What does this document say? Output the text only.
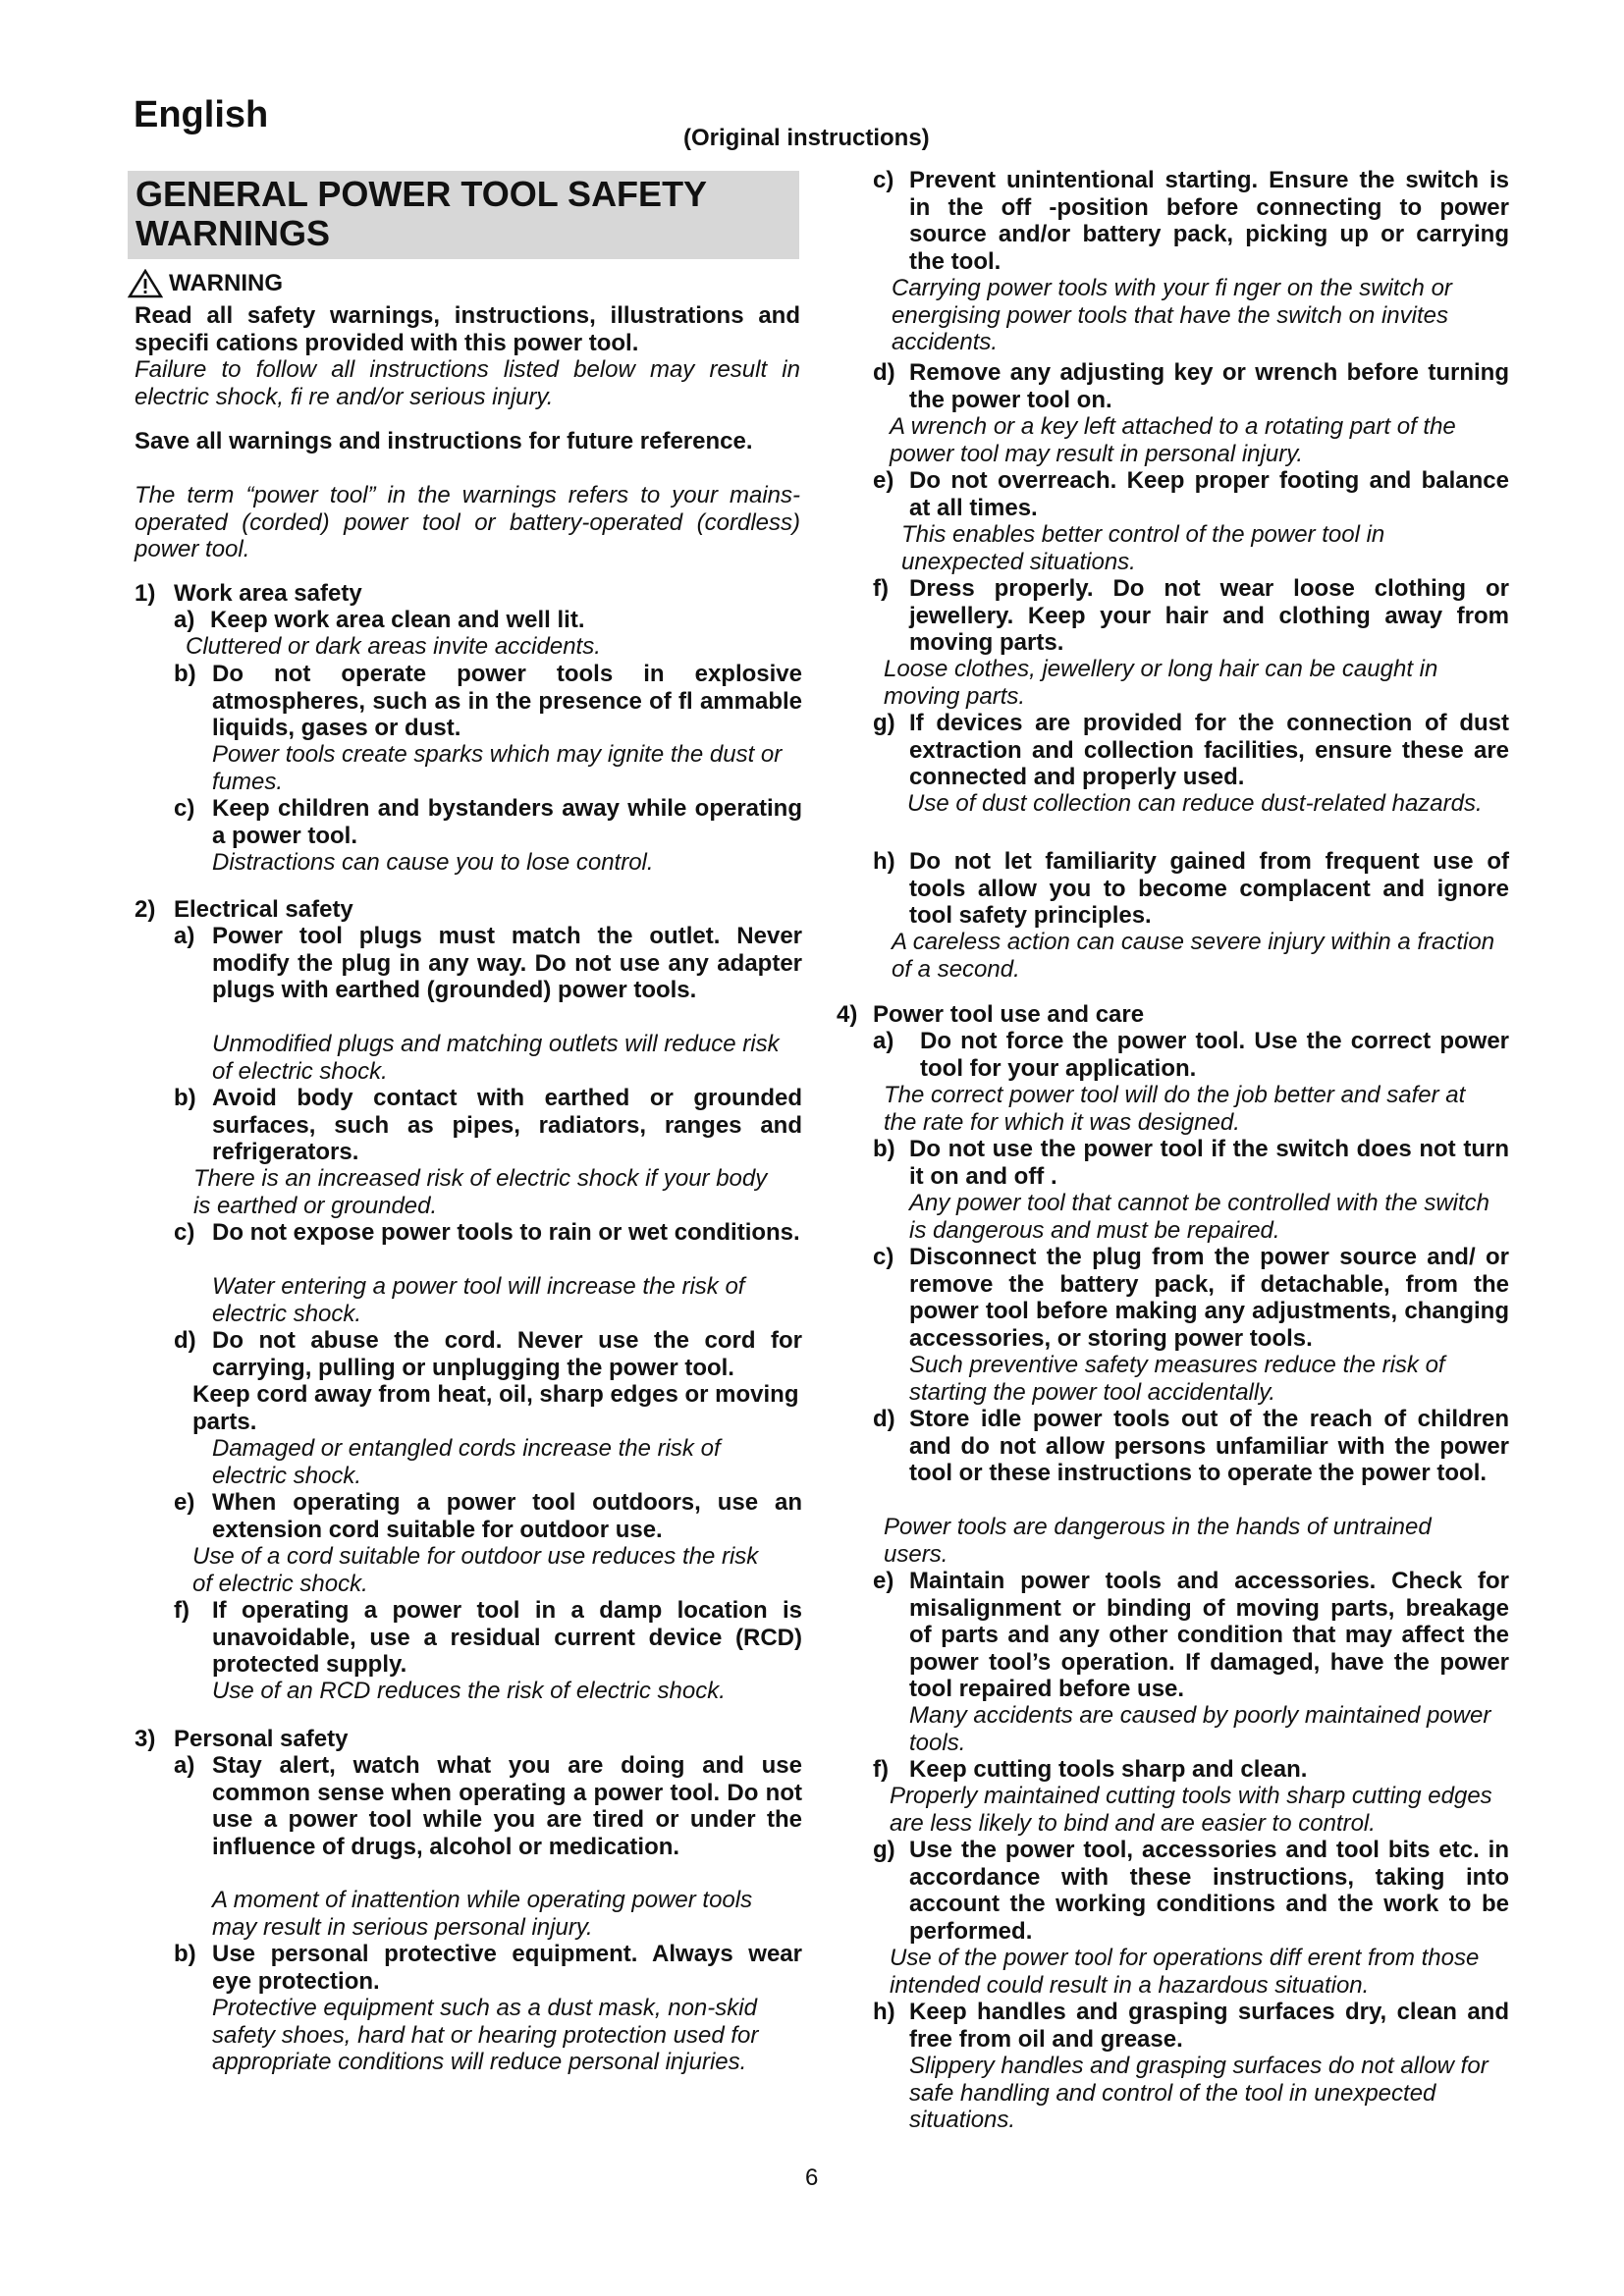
English
(Original instructions)
GENERAL POWER TOOL SAFETY
WARNINGS
WARNING
Read all safety warnings, instructions, illustrations and specifi cations provided with this power tool.
Failure to follow all instructions listed below may result in electric shock, fi re and/or serious injury.
Save all warnings and instructions for future reference.
The term “power tool” in the warnings refers to your mains-operated (corded) power tool or battery-operated (cordless) power tool.
1) Work area safety
a) Keep work area clean and well lit.
Cluttered or dark areas invite accidents.
b) Do not operate power tools in explosive atmospheres, such as in the presence of fl ammable liquids, gases or dust.
Power tools create sparks which may ignite the dust or fumes.
c) Keep children and bystanders away while operating a power tool.
Distractions can cause you to lose control.
2) Electrical safety
a) Power tool plugs must match the outlet. Never modify the plug in any way. Do not use any adapter plugs with earthed (grounded) power tools.
Unmodified plugs and matching outlets will reduce risk of electric shock.
b) Avoid body contact with earthed or grounded surfaces, such as pipes, radiators, ranges and refrigerators.
There is an increased risk of electric shock if your body is earthed or grounded.
c) Do not expose power tools to rain or wet conditions.
Water entering a power tool will increase the risk of electric shock.
d) Do not abuse the cord. Never use the cord for carrying, pulling or unplugging the power tool.
Keep cord away from heat, oil, sharp edges or moving parts.
Damaged or entangled cords increase the risk of electric shock.
e) When operating a power tool outdoors, use an extension cord suitable for outdoor use.
Use of a cord suitable for outdoor use reduces the risk of electric shock.
f) If operating a power tool in a damp location is unavoidable, use a residual current device (RCD) protected supply.
Use of an RCD reduces the risk of electric shock.
3) Personal safety
a) Stay alert, watch what you are doing and use common sense when operating a power tool. Do not use a power tool while you are tired or under the influence of drugs, alcohol or medication.
A moment of inattention while operating power tools may result in serious personal injury.
b) Use personal protective equipment. Always wear eye protection.
Protective equipment such as a dust mask, non-skid safety shoes, hard hat or hearing protection used for appropriate conditions will reduce personal injuries.
c) Prevent unintentional starting. Ensure the switch is in the off -position before connecting to power source and/or battery pack, picking up or carrying the tool.
Carrying power tools with your fi nger on the switch or energising power tools that have the switch on invites accidents.
d) Remove any adjusting key or wrench before turning the power tool on.
A wrench or a key left attached to a rotating part of the power tool may result in personal injury.
e) Do not overreach. Keep proper footing and balance at all times.
This enables better control of the power tool in unexpected situations.
f) Dress properly. Do not wear loose clothing or jewellery. Keep your hair and clothing away from moving parts.
Loose clothes, jewellery or long hair can be caught in moving parts.
g) If devices are provided for the connection of dust extraction and collection facilities, ensure these are connected and properly used.
Use of dust collection can reduce dust-related hazards.
h) Do not let familiarity gained from frequent use of tools allow you to become complacent and ignore tool safety principles.
A careless action can cause severe injury within a fraction of a second.
4) Power tool use and care
a) Do not force the power tool. Use the correct power tool for your application.
The correct power tool will do the job better and safer at the rate for which it was designed.
b) Do not use the power tool if the switch does not turn it on and off .
Any power tool that cannot be controlled with the switch is dangerous and must be repaired.
c) Disconnect the plug from the power source and/ or remove the battery pack, if detachable, from the power tool before making any adjustments, changing accessories, or storing power tools.
Such preventive safety measures reduce the risk of starting the power tool accidentally.
d) Store idle power tools out of the reach of children and do not allow persons unfamiliar with the power tool or these instructions to operate the power tool.
Power tools are dangerous in the hands of untrained users.
e) Maintain power tools and accessories. Check for misalignment or binding of moving parts, breakage of parts and any other condition that may affect the power tool’s operation. If damaged, have the power tool repaired before use.
Many accidents are caused by poorly maintained power tools.
f) Keep cutting tools sharp and clean.
Properly maintained cutting tools with sharp cutting edges are less likely to bind and are easier to control.
g) Use the power tool, accessories and tool bits etc. in accordance with these instructions, taking into account the working conditions and the work to be performed.
Use of the power tool for operations diff erent from those intended could result in a hazardous situation.
h) Keep handles and grasping surfaces dry, clean and free from oil and grease.
Slippery handles and grasping surfaces do not allow for safe handling and control of the tool in unexpected situations.
6
